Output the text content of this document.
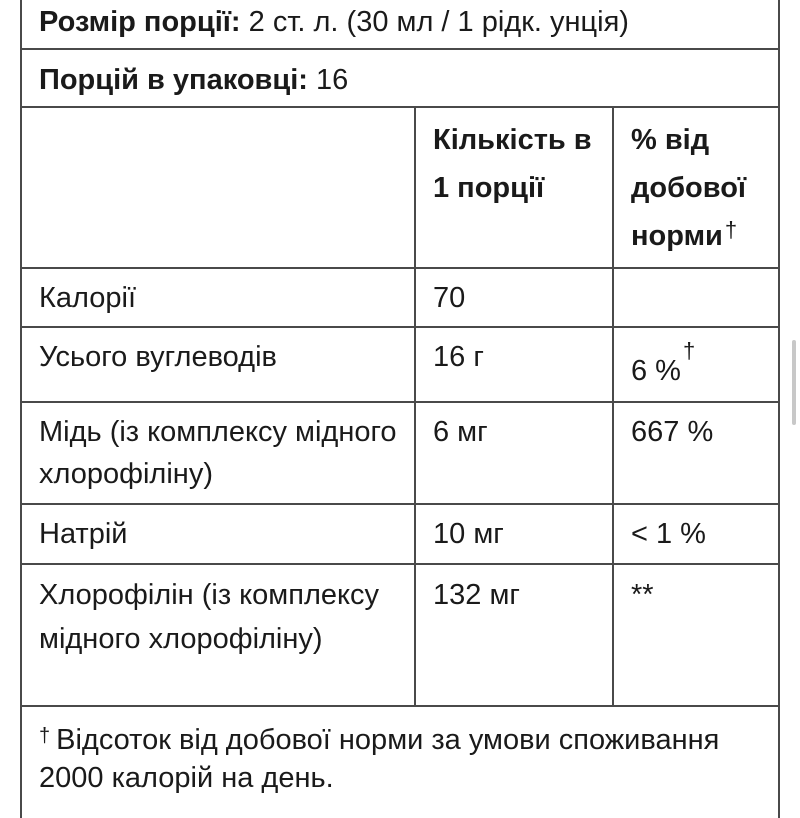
Розмір порції: 2 ст. л. (30 мл / 1 рідк. унція)
Порцій в упаковці: 16
	Кількість в 1 порції	% від добової норми†
Калорії	70	
Усього вуглеводів	16 г	6 %†
Мідь (із комплексу мідного хлорофіліну)	6 мг	667 %
Натрій	10 мг	< 1 %
Хлорофілін (із комплексу мідного хлорофіліну)	132 мг	**
† Відсоток від добової норми за умови споживання 2000 калорій на день.
